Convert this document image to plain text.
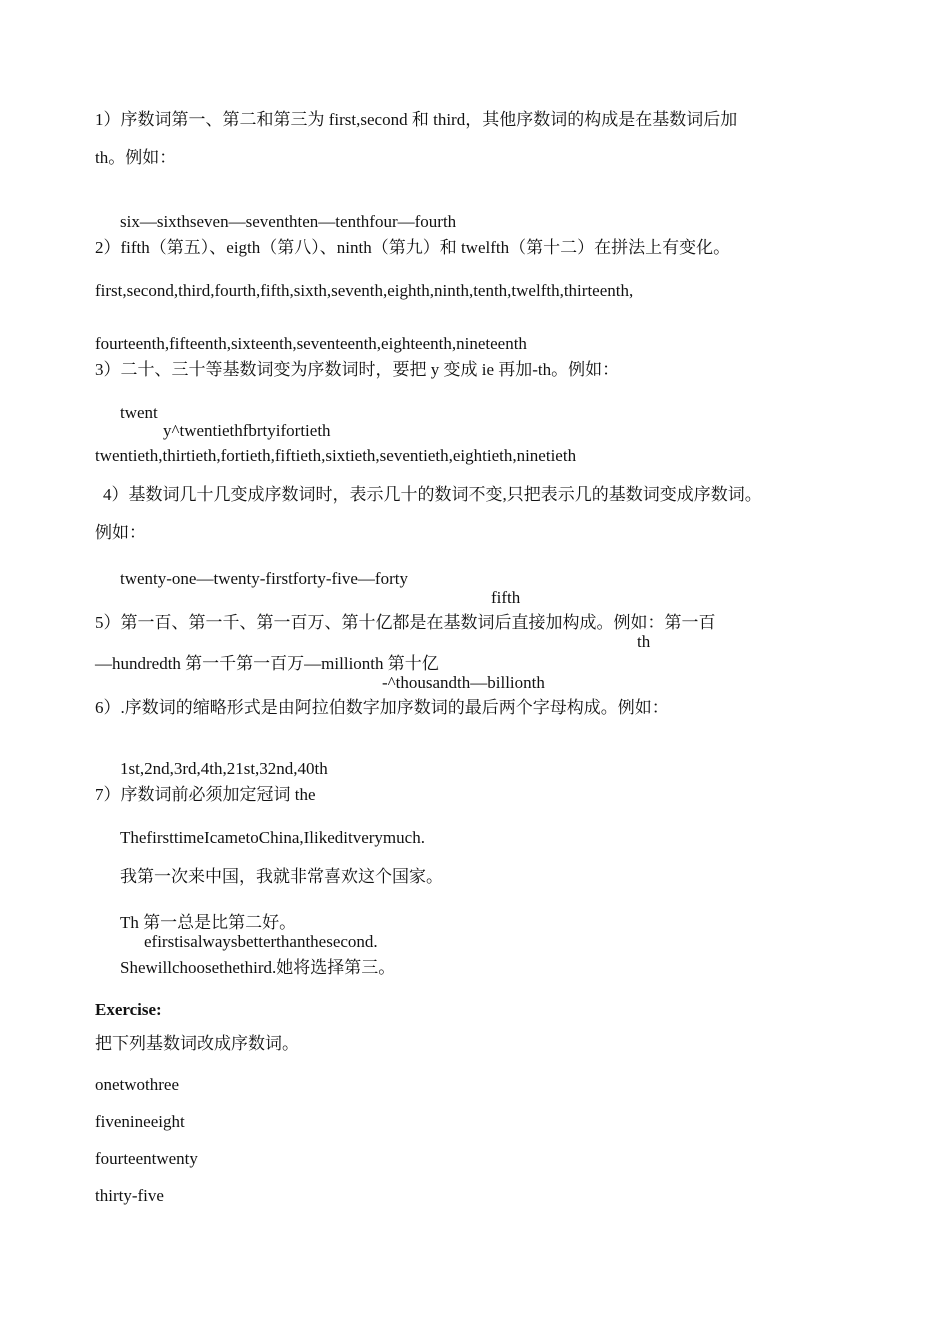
1）序数词第一、第二和第三为 first,second 和 third，其他序数词的构成是在基数词后加
th。例如：
six—sixthseven—seventhten—tenthfour—fourth
2）fifth（第五）、eigth（第八）、ninth（第九）和 twelfth（第十二）在拼法上有变化。
first,second,third,fourth,fifth,sixth,seventh,eighth,ninth,tenth,twelfth,thirteenth,
fourteenth,fifteenth,sixteenth,seventeenth,eighteenth,nineteenth
3）二十、三十等基数词变为序数词时，要把 y 变成 ie 再加-th。例如：
twent
y^twentiethfbrtyifortieth
twentieth,thirtieth,fortieth,fiftieth,sixtieth,seventieth,eightieth,ninetieth
4）基数词几十几变成序数词时，表示几十的数词不变,只把表示几的基数词变成序数词。
例如：
twenty-one—twenty-firstforty-five—forty
fifth
5）第一百、第一千、第一百万、第十亿都是在基数词后直接加构成。例如：第一百
th
—hundredth 第一千第一百万—millionth 第十亿
-^thousandth—billionth
6）.序数词的缩略形式是由阿拉伯数字加序数词的最后两个字母构成。例如：
1st,2nd,3rd,4th,21st,32nd,40th
7）序数词前必须加定冠词 the
ThefirsttimeIcametoChina,Ilikeditverymuch.
我第一次来中国，我就非常喜欢这个国家。
Th 第一总是比第二好。
efirstisalwaysbetterthanthesecond.
Shewillchoosethethird.她将选择第三。
Exercise:
把下列基数词改成序数词。
onetwothree
fivenineeight
fourteentwenty
thirty-five
